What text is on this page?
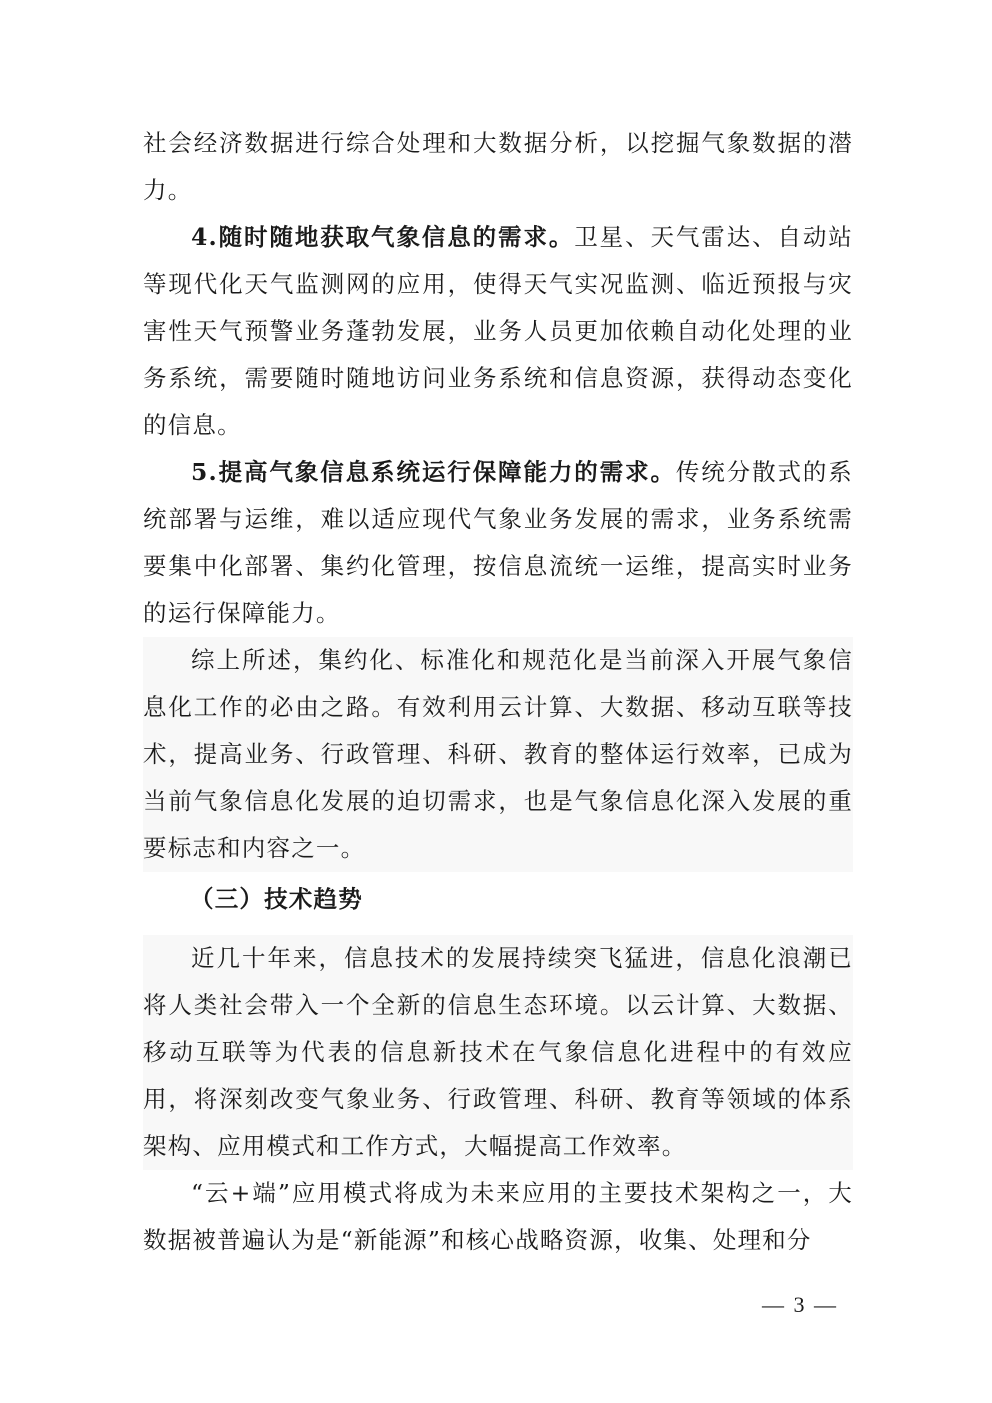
社会经济数据进行综合处理和大数据分析，以挖掘气象数据的潜力。

4.随时随地获取气象信息的需求。卫星、天气雷达、自动站等现代化天气监测网的应用，使得天气实况监测、临近预报与灾害性天气预警业务蓬勃发展，业务人员更加依赖自动化处理的业务系统，需要随时随地访问业务系统和信息资源，获得动态变化的信息。

5.提高气象信息系统运行保障能力的需求。传统分散式的系统部署与运维，难以适应现代气象业务发展的需求，业务系统需要集中化部署、集约化管理，按信息流统一运维，提高实时业务的运行保障能力。

综上所述，集约化、标准化和规范化是当前深入开展气象信息化工作的必由之路。有效利用云计算、大数据、移动互联等技术，提高业务、行政管理、科研、教育的整体运行效率，已成为当前气象信息化发展的迫切需求，也是气象信息化深入发展的重要标志和内容之一。

（三）技术趋势

近几十年来，信息技术的发展持续突飞猛进，信息化浪潮已将人类社会带入一个全新的信息生态环境。以云计算、大数据、移动互联等为代表的信息新技术在气象信息化进程中的有效应用，将深刻改变气象业务、行政管理、科研、教育等领域的体系架构、应用模式和工作方式，大幅提高工作效率。

“云+端”应用模式将成为未来应用的主要技术架构之一，大数据被普遍认为是“新能源”和核心战略资源，收集、处理和分

— 3 —
